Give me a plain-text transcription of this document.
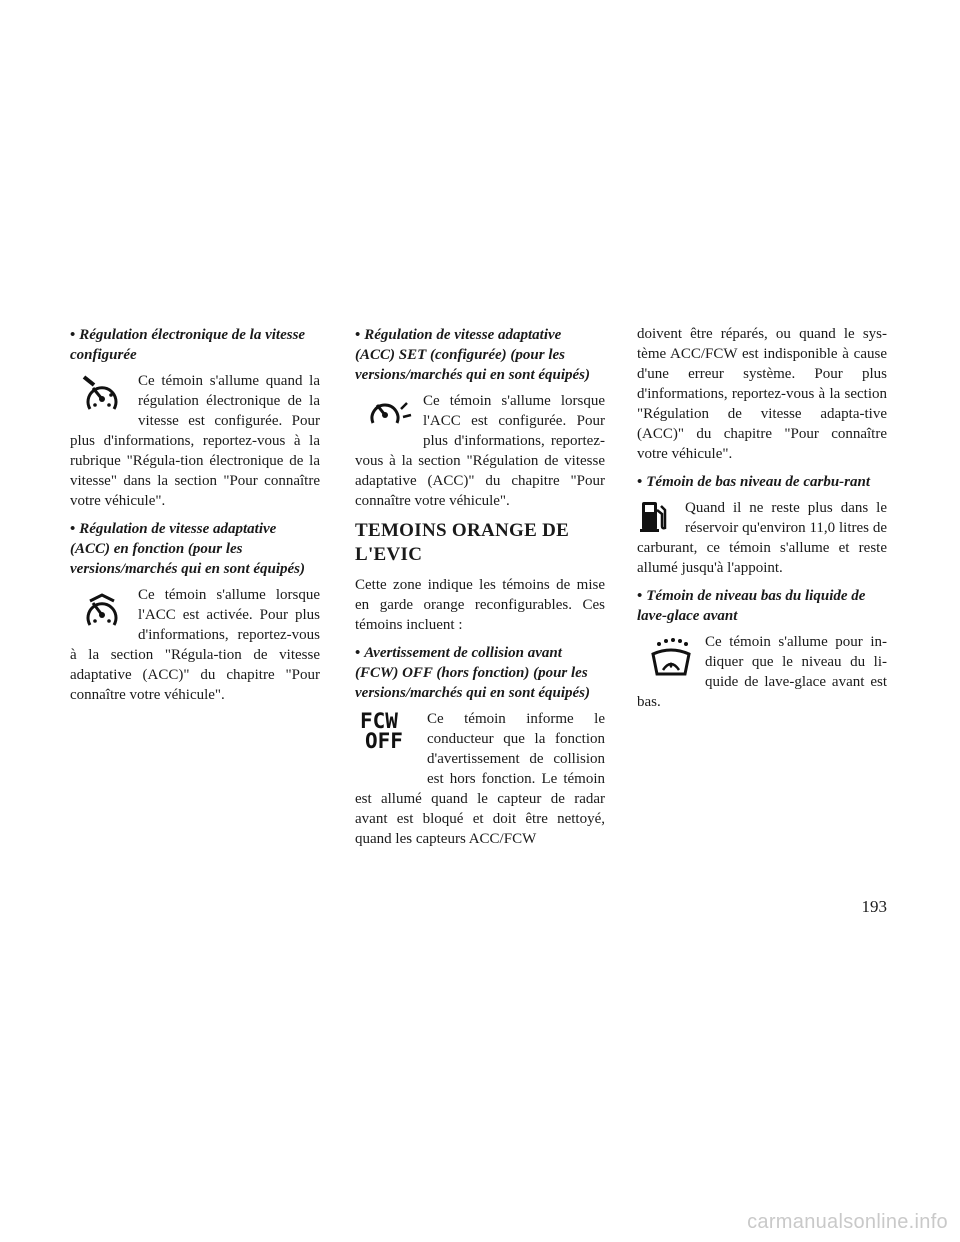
• Régulation électronique de la vitesse configurée
Ce témoin s'allume quand la régulation électronique de la vitesse est configurée. Pour plus d'informations, reportez-vous à la rubrique "Régula-tion électronique de la vitesse" dans la section "Pour connaître votre véhicule".
• Régulation de vitesse adaptative (ACC) en fonction (pour les versions/marchés qui en sont équipés)
Ce témoin s'allume lorsque l'ACC est activée. Pour plus d'informations, reportez-vous à la section "Régula-tion de vitesse adaptative (ACC)" du chapitre "Pour connaître votre véhicule".
• Régulation de vitesse adaptative (ACC) SET (configurée) (pour les versions/marchés qui en sont équipés)
Ce témoin s'allume lorsque l'ACC est configurée. Pour plus d'informations, reportez-vous à la section "Régulation de vitesse adaptative (ACC)" du chapitre "Pour connaître votre véhicule".
TEMOINS ORANGE DE L'EVIC
Cette zone indique les témoins de mise en garde orange reconfigurables. Ces témoins incluent :
• Avertissement de collision avant (FCW) OFF (hors fonction) (pour les versions/marchés qui en sont équipés)
FCW
OFF
Ce témoin informe le conducteur que la fonction d'avertissement de collision est hors fonction. Le témoin est allumé quand le capteur de radar avant est bloqué et doit être nettoyé, quand les capteurs ACC/FCW
doivent être réparés, ou quand le sys-tème ACC/FCW est indisponible à cause d'une erreur système. Pour plus d'informations, reportez-vous à la section "Régulation de vitesse adapta-tive (ACC)" du chapitre "Pour connaître votre véhicule".
• Témoin de bas niveau de carbu-rant
Quand il ne reste plus dans le réservoir qu'environ 11,0 litres de carburant, ce témoin s'allume et reste allumé jusqu'à l'appoint.
• Témoin de niveau bas du liquide de lave-glace avant
Ce témoin s'allume pour in-diquer que le niveau du li-quide de lave-glace avant est bas.
193
carmanualsonline.info
